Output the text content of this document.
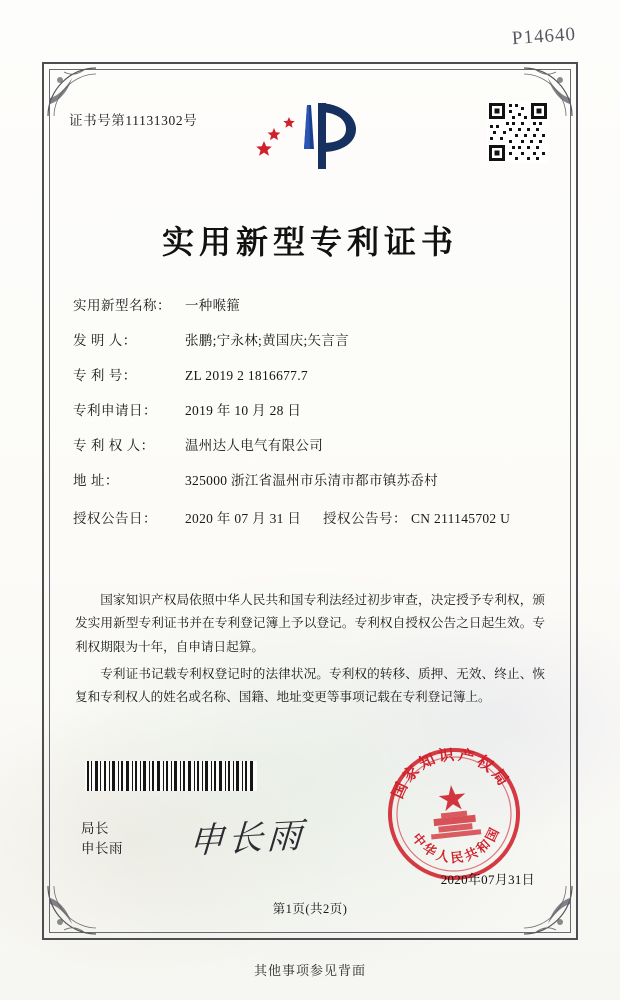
P14640
证书号第11131302号
实用新型专利证书
实用新型名称：	一种喉箍
发 明 人：	张鹏;宁永林;黄国庆;矢言言
专 利 号：	ZL 2019 2 1816677.7
专利申请日：	2019 年 10 月 28 日
专 利 权 人：	温州达人电气有限公司
地 址：	325000 浙江省温州市乐清市都市镇苏岙村
授权公告日：	2020 年 07 月 31 日 授权公告号： CN 211145702 U

国家知识产权局依照中华人民共和国专利法经过初步审查，决定授予专利权，颁发实用新型专利证书并在专利登记簿上予以登记。专利权自授权公告之日起生效。专利权期限为十年，自申请日起算。

专利证书记载专利权登记时的法律状况。专利权的转移、质押、无效、终止、恢复和专利权人的姓名或名称、国籍、地址变更等事项记载在专利登记簿上。

局长
申长雨 申长雨
国家知识产权局
中华人民共和国
2020年07月31日
第1页(共2页)
其他事项参见背面
